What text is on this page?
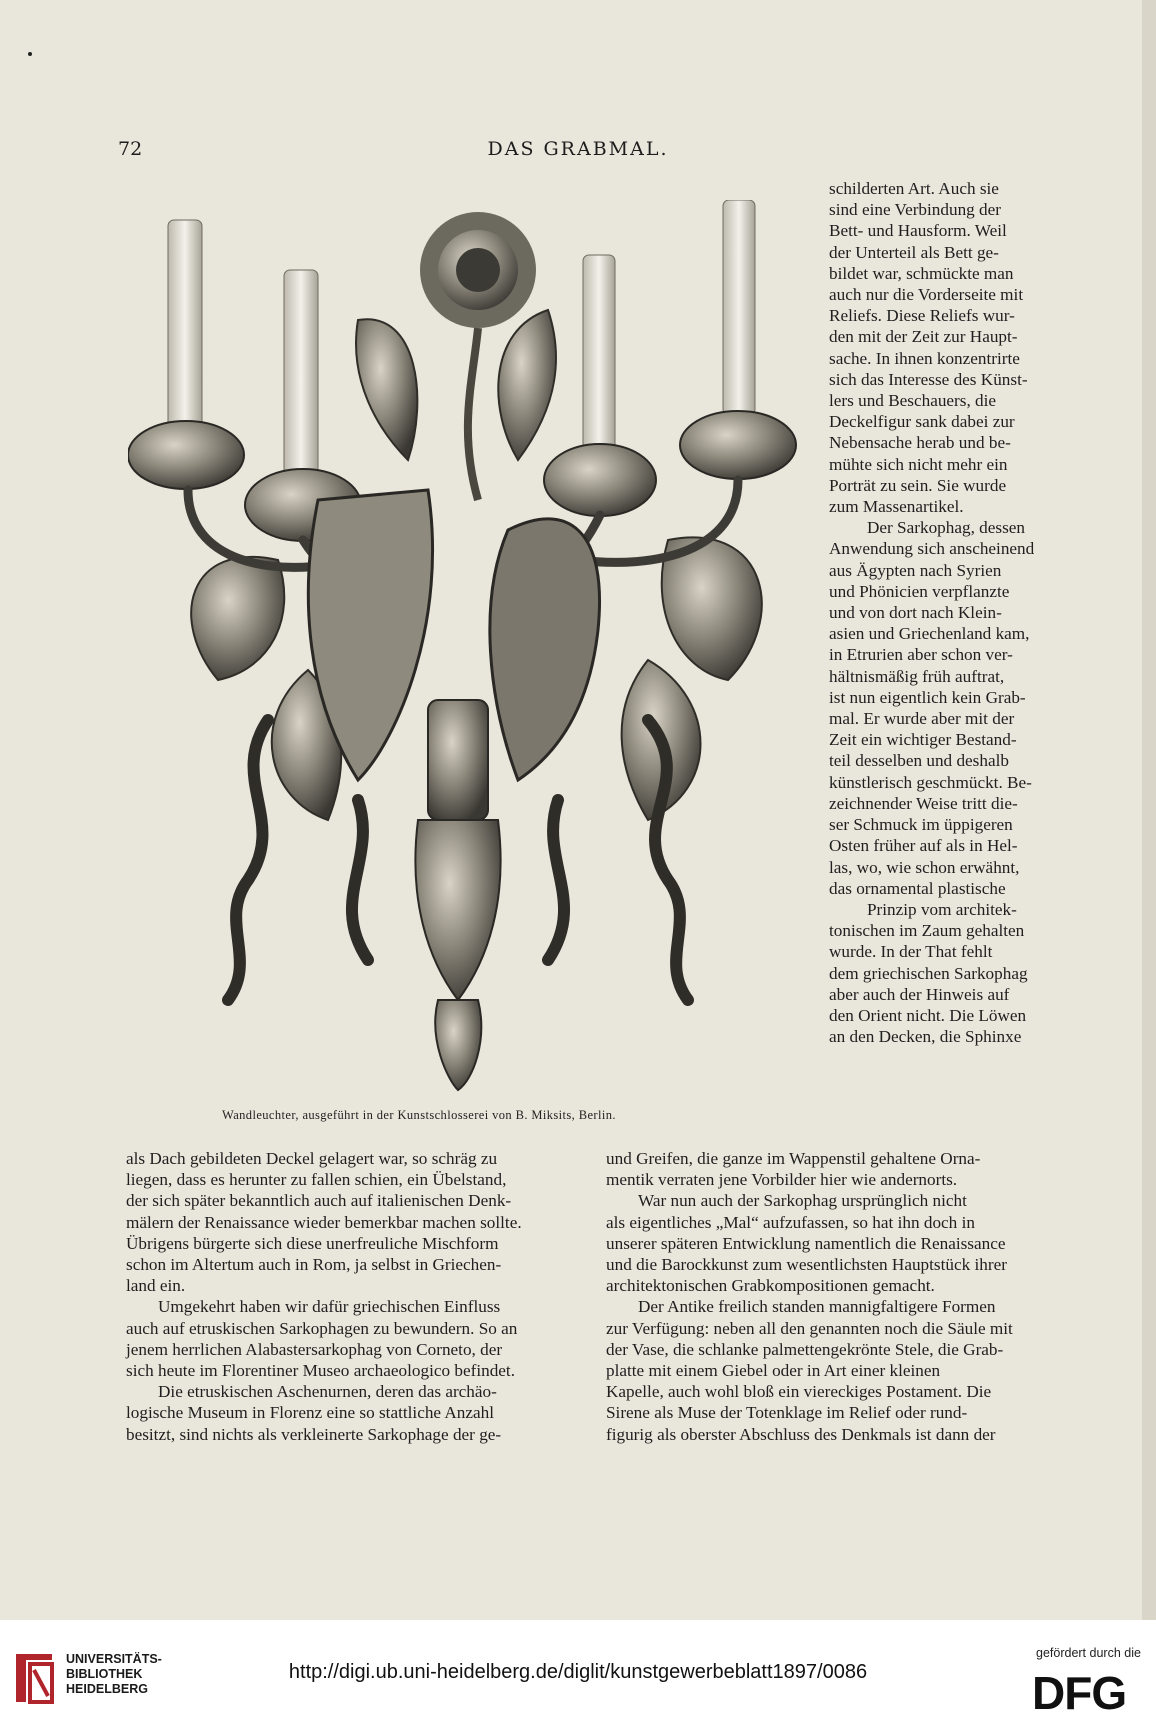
72	DAS GRABMAL.
Wandleuchter, ausgeführt in der Kunstschlosserei von B. Miksits, Berlin.

schilderten Art. Auch sie

sind eine Verbindung der

Bett- und Hausform. Weil

der Unterteil als Bett ge-

bildet war, schmückte man

auch nur die Vorderseite mit

Reliefs. Diese Reliefs wur-

den mit der Zeit zur Haupt-

sache. In ihnen konzentrirte

sich das Interesse des Künst-

lers und Beschauers, die

Deckelfigur sank dabei zur

Nebensache herab und be-

mühte sich nicht mehr ein

Porträt zu sein. Sie wurde

zum Massenartikel.

Der Sarkophag, dessen

Anwendung sich anscheinend

aus Ägypten nach Syrien

und Phönicien verpflanzte

und von dort nach Klein-

asien und Griechenland kam,

in Etrurien aber schon ver-

hältnismäßig früh auftrat,

ist nun eigentlich kein Grab-

mal. Er wurde aber mit der

Zeit ein wichtiger Bestand-

teil desselben und deshalb

künstlerisch geschmückt. Be-

zeichnender Weise tritt die-

ser Schmuck im üppigeren

Osten früher auf als in Hel-

las, wo, wie schon erwähnt,

das ornamental plastische

Prinzip vom architek-

tonischen im Zaum gehalten

wurde. In der That fehlt

dem griechischen Sarkophag

aber auch der Hinweis auf

den Orient nicht. Die Löwen

an den Decken, die Sphinxe

als Dach gebildeten Deckel gelagert war, so schräg zu

liegen, dass es herunter zu fallen schien, ein Übelstand,

der sich später bekanntlich auch auf italienischen Denk-

mälern der Renaissance wieder bemerkbar machen sollte.

Übrigens bürgerte sich diese unerfreuliche Mischform

schon im Altertum auch in Rom, ja selbst in Griechen-

land ein.

Umgekehrt haben wir dafür griechischen Einfluss

auch auf etruskischen Sarkophagen zu bewundern. So an

jenem herrlichen Alabastersarkophag von Corneto, der

sich heute im Florentiner Museo archaeologico befindet.

Die etruskischen Aschenurnen, deren das archäo-

logische Museum in Florenz eine so stattliche Anzahl

besitzt, sind nichts als verkleinerte Sarkophage der ge-

und Greifen, die ganze im Wappenstil gehaltene Orna-

mentik verraten jene Vorbilder hier wie andernorts.

War nun auch der Sarkophag ursprünglich nicht

als eigentliches „Mal“ aufzufassen, so hat ihn doch in

unserer späteren Entwicklung namentlich die Renaissance

und die Barockkunst zum wesentlichsten Hauptstück ihrer

architektonischen Grabkompositionen gemacht.

Der Antike freilich standen mannigfaltigere Formen

zur Verfügung: neben all den genannten noch die Säule mit

der Vase, die schlanke palmettengekrönte Stele, die Grab-

platte mit einem Giebel oder in Art einer kleinen

Kapelle, auch wohl bloß ein viereckiges Postament. Die

Sirene als Muse der Totenklage im Relief oder rund-

figurig als oberster Abschluss des Denkmals ist dann der

UNIVERSITÄTS-
BIBLIOTHEK
HEIDELBERG
http://digi.ub.uni-heidelberg.de/diglit/kunstgewerbeblatt1897/0086
gefördert durch die
DFG
